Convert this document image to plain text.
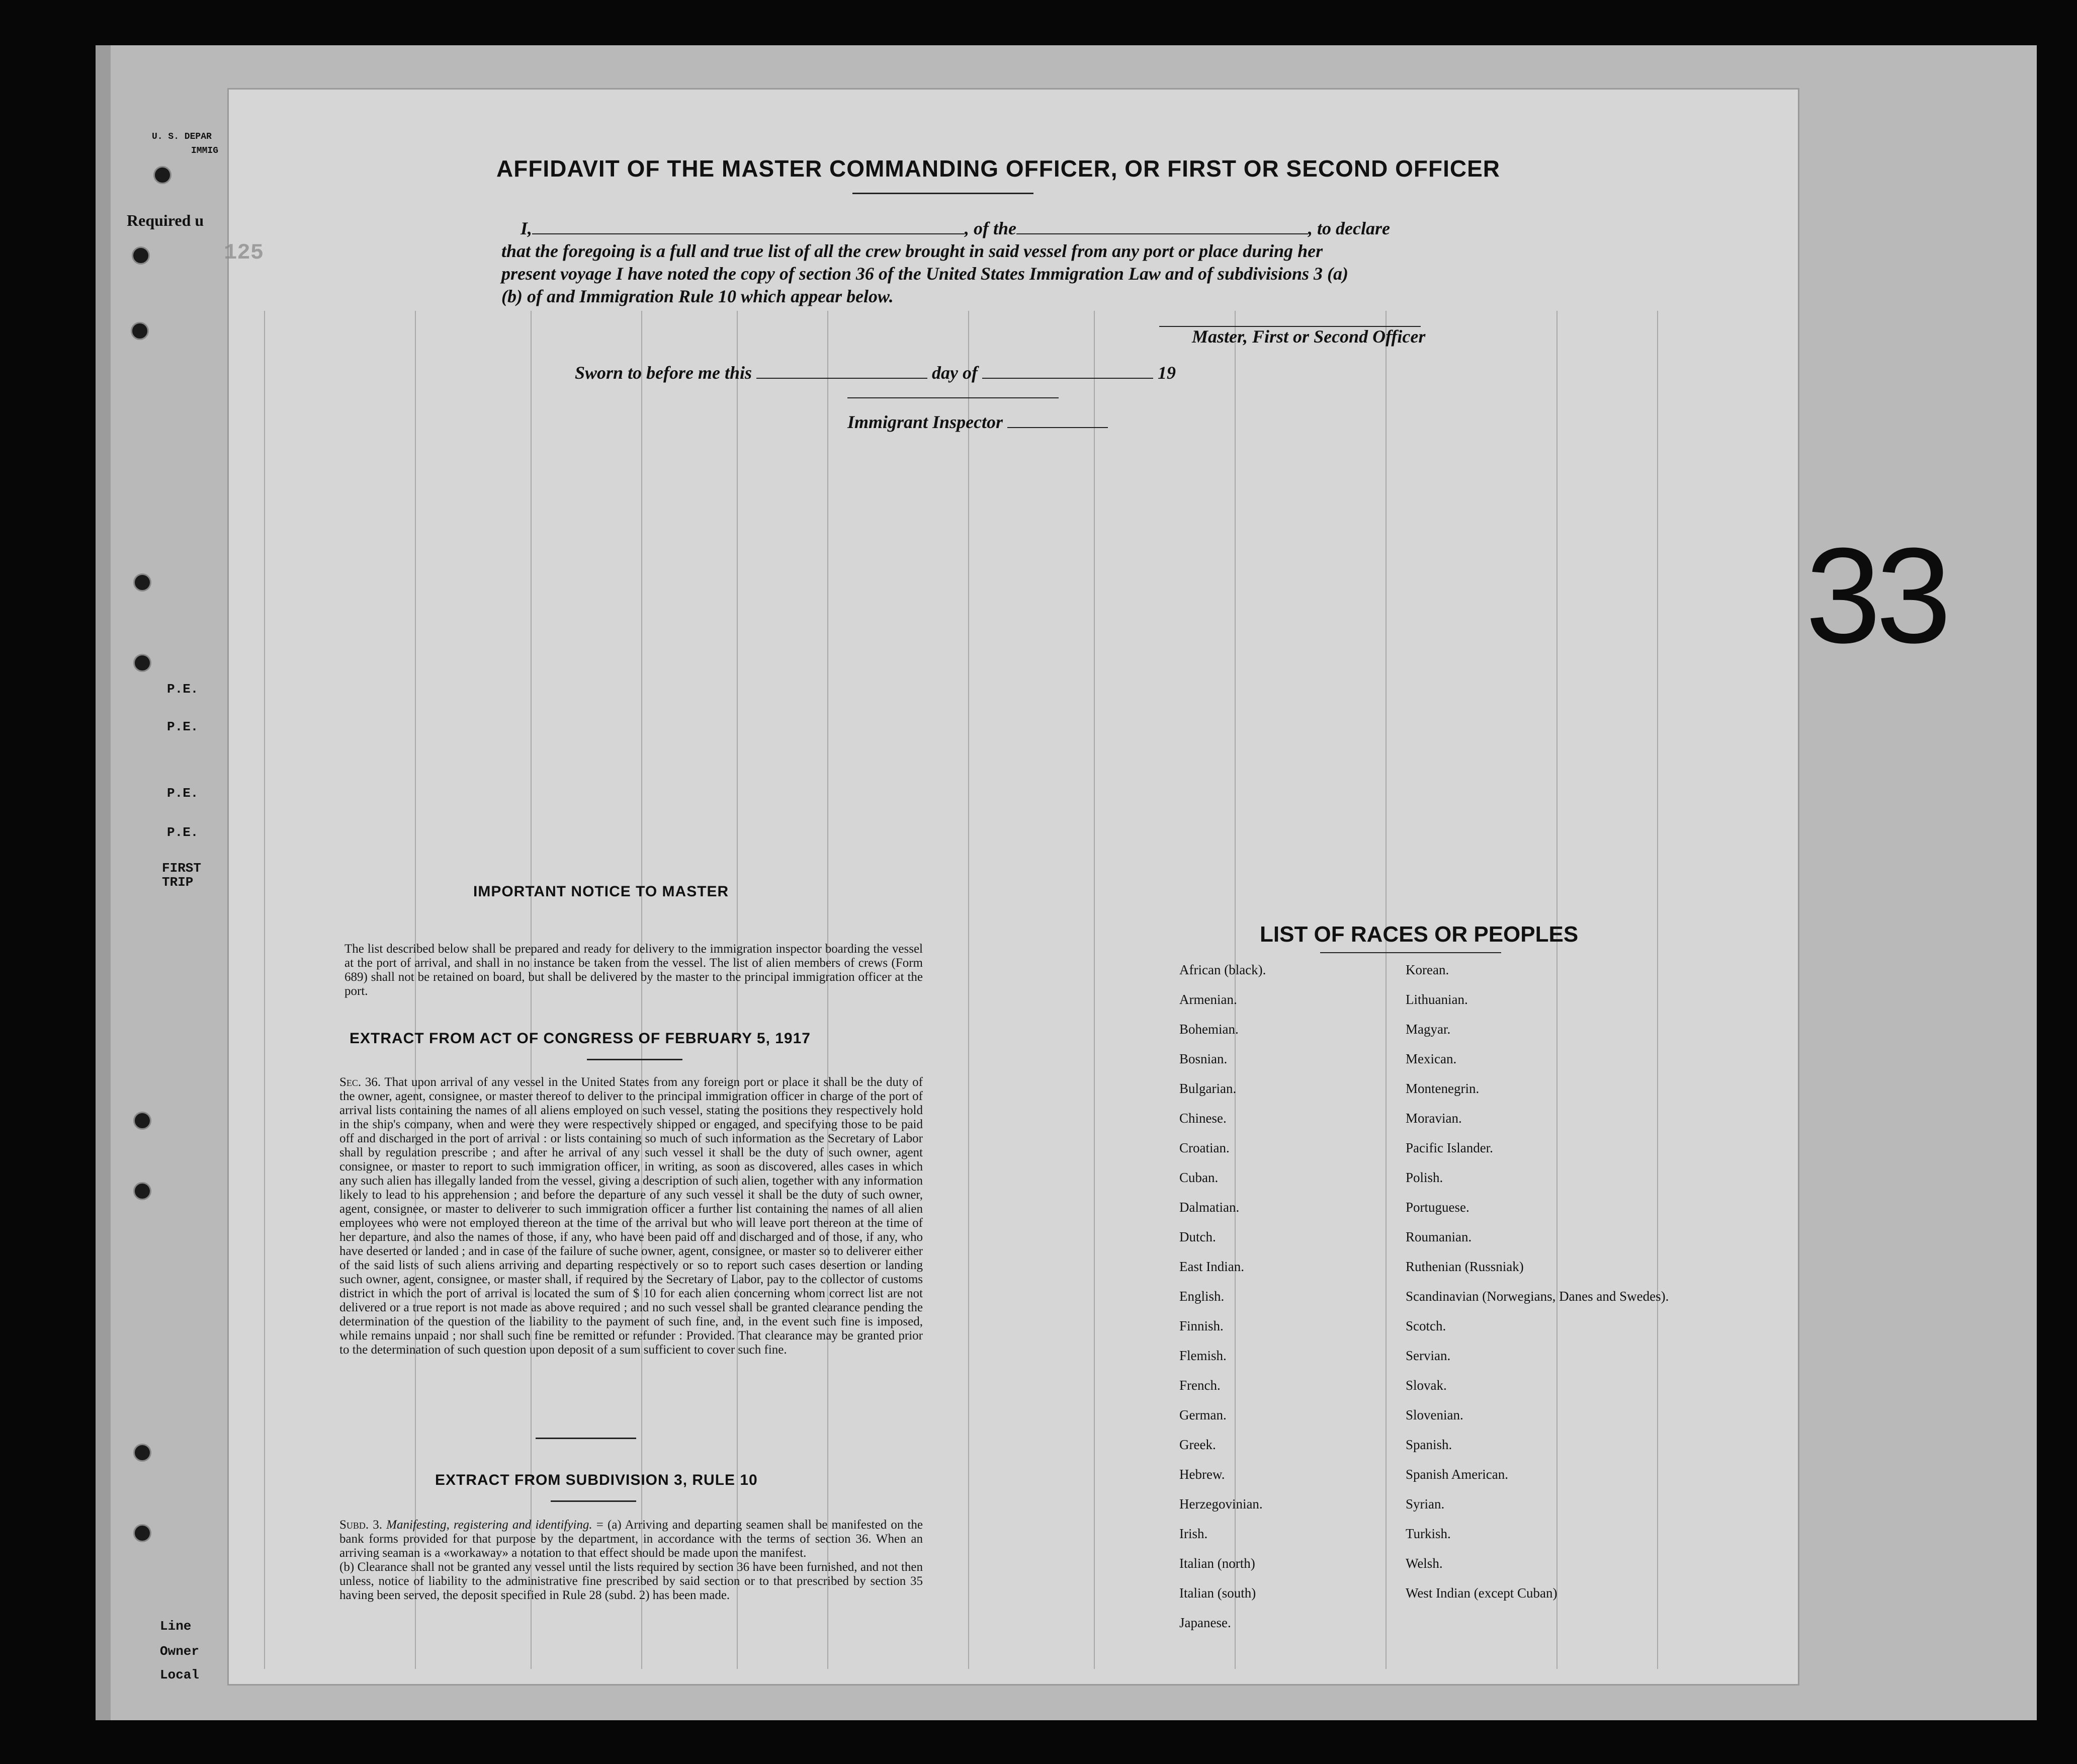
U. S. DEPAR
IMMIG
Required u
P.E.
P.E.
P.E.
P.E.
FIRST TRIP
Line
Owner
Local
33
125
AFFIDAVIT OF THE MASTER COMMANDING OFFICER, OR FIRST OR SECOND OFFICER
I,	, of the	, to declare
that the foregoing is a full and true list of all the crew brought in said vessel from any port or place during her
present voyage I have noted the copy of section 36 of the United States Immigration Law and of subdivisions 3 (a)
(b) of and Immigration Rule 10 which appear below.
Master, First or Second Officer
Sworn to before me this	day of	19
Immigrant Inspector
IMPORTANT NOTICE TO MASTER
The list described below shall be prepared and ready for delivery to the immigration inspector boarding the vessel at the port of arrival, and shall in no instance be taken from the vessel. The list of alien members of crews (Form 689) shall not be retained on board, but shall be delivered by the master to the principal immigration officer at the port.
EXTRACT FROM ACT OF CONGRESS OF FEBRUARY 5, 1917
Sec. 36. That upon arrival of any vessel in the United States from any foreign port or place it shall be the duty of the owner, agent, consignee, or master thereof to deliver to the principal immigration officer in charge of the port of arrival lists containing the names of all aliens employed on such vessel, stating the positions they respectively hold in the ship's company, when and were they were respectively shipped or engaged, and specifying those to be paid off and discharged in the port of arrival : or lists containing so much of such information as the Secretary of Labor shall by regulation prescribe ; and after he arrival of any such vessel it shall be the duty of such owner, agent consignee, or master to report to such immigration officer, in writing, as soon as discovered, alles cases in which any such alien has illegally landed from the vessel, giving a description of such alien, together with any information likely to lead to his apprehension ; and before the departure of any such vessel it shall be the duty of such owner, agent, consignee, or master to deliverer to such immigration officer a further list containing the names of all alien employees who were not employed thereon at the time of the arrival but who will leave port thereon at the time of her departure, and also the names of those, if any, who have been paid off and discharged and of those, if any, who have deserted or landed ; and in case of the failure of suche owner, agent, consignee, or master so to deliverer either of the said lists of such aliens arriving and departing respectively or so to report such cases desertion or landing such owner, agent, consignee, or master shall, if required by the Secretary of Labor, pay to the collector of customs district in which the port of arrival is located the sum of $ 10 for each alien concerning whom correct list are not delivered or a true report is not made as above required ; and no such vessel shall be granted clearance pending the determination of the question of the liability to the payment of such fine, and, in the event such fine is imposed, while remains unpaid ; nor shall such fine be remitted or refunder : Provided. That clearance may be granted prior to the determination of such question upon deposit of a sum sufficient to cover such fine.
EXTRACT FROM SUBDIVISION 3, RULE 10
Subd. 3. Manifesting, registering and identifying. = (a) Arriving and departing seamen shall be manifested on the bank forms provided for that purpose by the department, in accordance with the terms of section 36. When an arriving seaman is a «workaway» a notation to that effect should be made upon the manifest.
(b) Clearance shall not be granted any vessel until the lists required by section 36 have been furnished, and not then unless, notice of liability to the administrative fine prescribed by said section or to that prescribed by section 35 having been served, the deposit specified in Rule 28 (subd. 2) has been made.
LIST OF RACES OR PEOPLES
African (black).
Armenian.
Bohemian.
Bosnian.
Bulgarian.
Chinese.
Croatian.
Cuban.
Dalmatian.
Dutch.
East Indian.
English.
Finnish.
Flemish.
French.
German.
Greek.
Hebrew.
Herzegovinian.
Irish.
Italian (north)
Italian (south)
Japanese.
Korean.
Lithuanian.
Magyar.
Mexican.
Montenegrin.
Moravian.
Pacific Islander.
Polish.
Portuguese.
Roumanian.
Ruthenian (Russniak)
Scandinavian (Norwegians, Danes and Swedes).
Scotch.
Servian.
Slovak.
Slovenian.
Spanish.
Spanish American.
Syrian.
Turkish.
Welsh.
West Indian (except Cuban)
